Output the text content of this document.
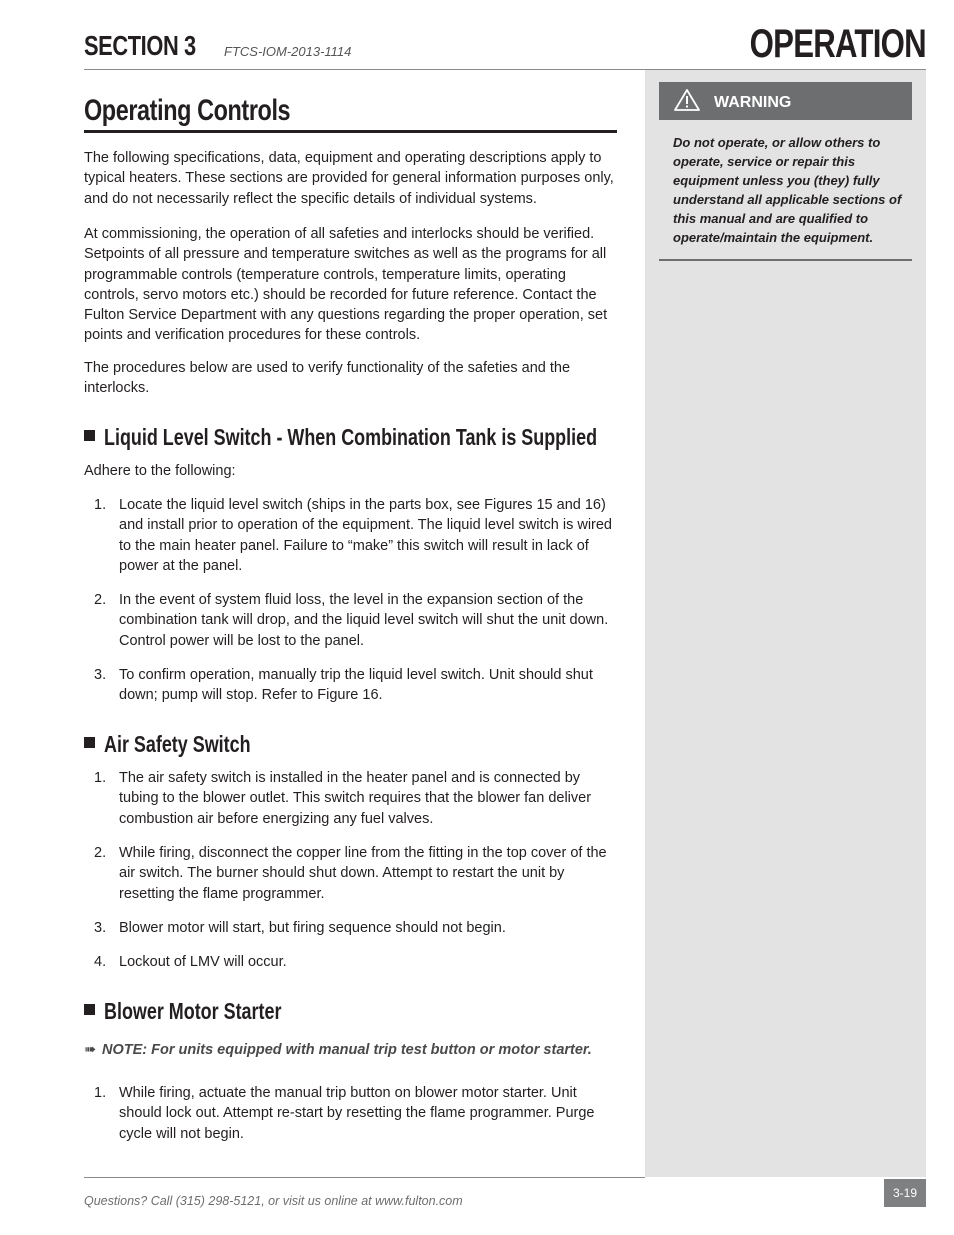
SECTION 3	FTCS-IOM-2013-1114	OPERATION
WARNING
Do not operate, or allow others to operate, service or repair this equipment unless you (they) fully understand all applicable sections of this manual and are qualified to operate/maintain the equipment.
Operating Controls

The following specifications, data, equipment and operating descriptions apply to typical heaters. These sections are provided for general information purposes only, and do not necessarily reflect the specific details of individual systems.

At commissioning, the operation of all safeties and interlocks should be verified. Setpoints of all pressure and temperature switches as well as the programs for all programmable controls (temperature controls, temperature limits, operating controls, servo motors etc.) should be recorded for future reference. Contact the Fulton Service Department with any questions regarding the proper operation, set points and verification procedures for these controls.

The procedures below are used to verify functionality of the safeties and the interlocks.

Liquid Level Switch - When Combination Tank is Supplied

Adhere to the following:

1. Locate the liquid level switch (ships in the parts box, see Figures 15 and 16) and install prior to operation of the equipment. The liquid level switch is wired to the main heater panel. Failure to “make” this switch will result in lack of power at the panel.
2. In the event of system fluid loss, the level in the expansion section of the combination tank will drop, and the liquid level switch will shut the unit down. Control power will be lost to the panel.
3. To confirm operation, manually trip the liquid level switch. Unit should shut down; pump will stop. Refer to Figure 16.
Air Safety Switch
1. The air safety switch is installed in the heater panel and is connected by tubing to the blower outlet. This switch requires that the blower fan deliver combustion air before energizing any fuel valves.
2. While firing, disconnect the copper line from the fitting in the top cover of the air switch. The burner should shut down. Attempt to restart the unit by resetting the flame programmer.
3. Blower motor will start, but firing sequence should not begin.
4. Lockout of LMV will occur.
Blower Motor Starter
➠ NOTE: For units equipped with manual trip test button or motor starter.
1. While firing, actuate the manual trip button on blower motor starter. Unit should lock out. Attempt re-start by resetting the flame programmer. Purge cycle will not begin.
Questions? Call (315) 298-5121, or visit us online at www.fulton.com
3-19
